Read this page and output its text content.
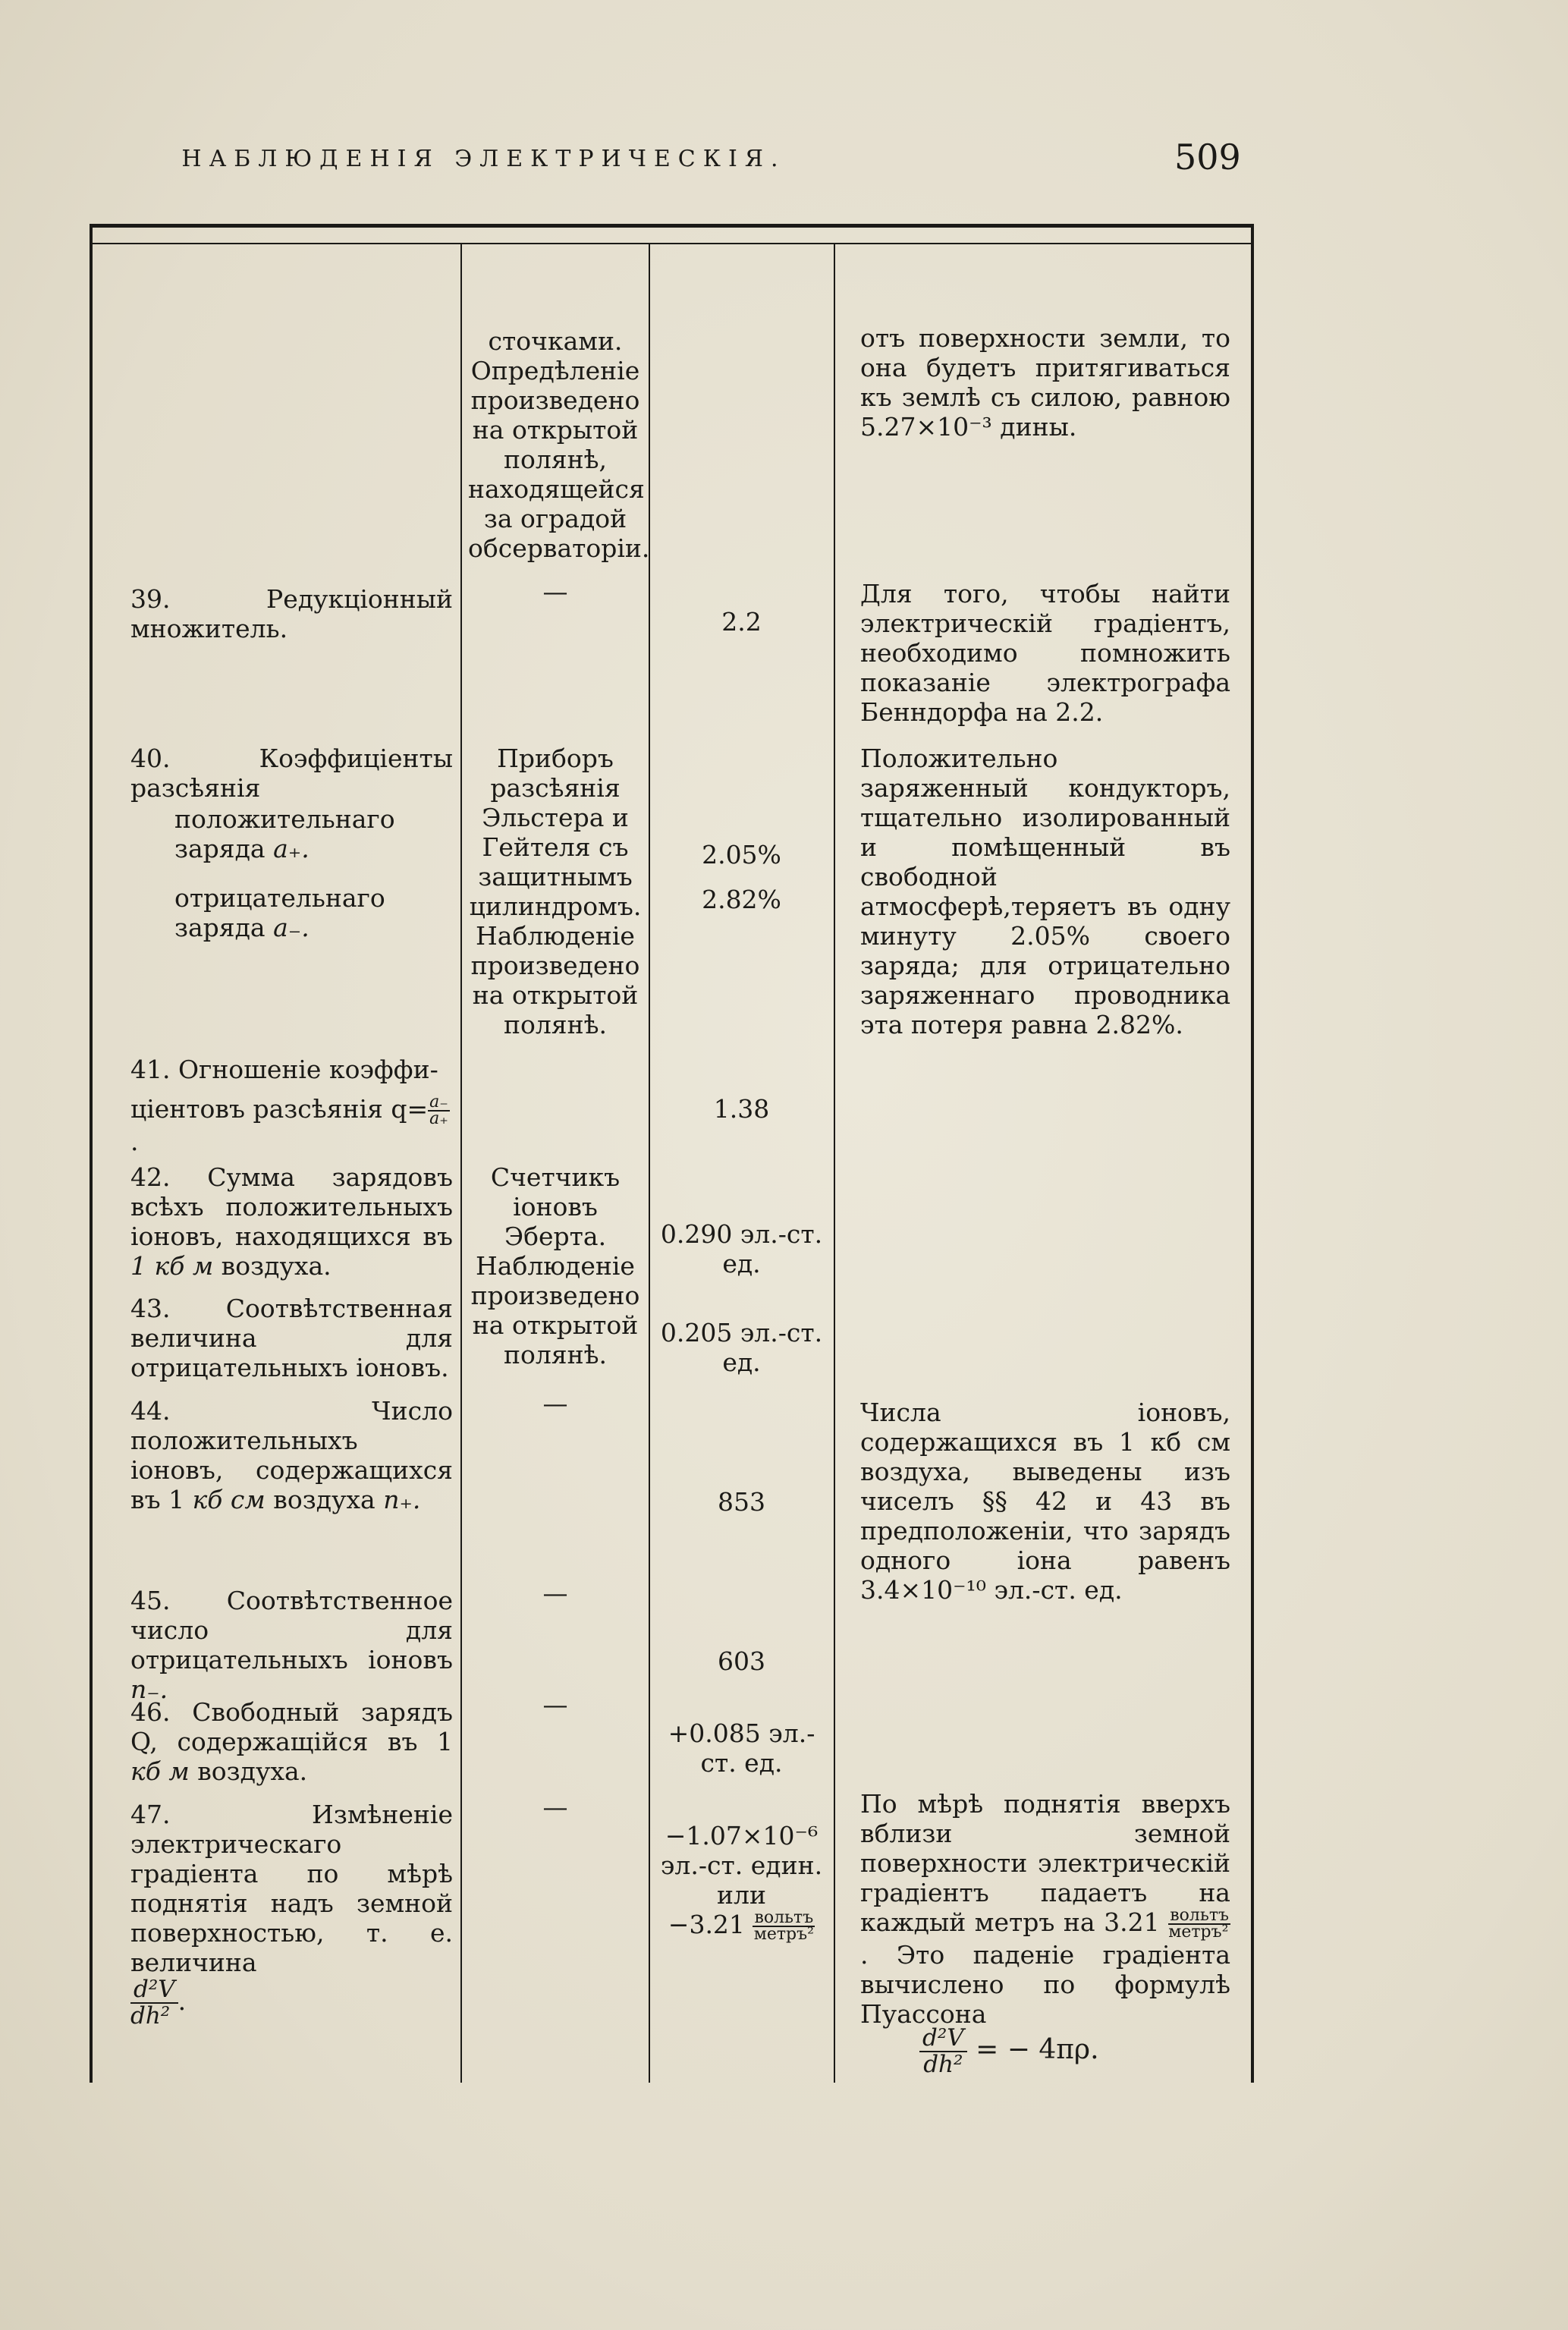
НАБЛЮДЕНІЯ ЭЛЕКТРИЧЕСКІЯ.	509

сточками. Опредѣленіе произведено на открытой полянѣ, находящейся за оградой обсерваторіи.

отъ поверхности земли, то она будетъ притягиваться къ землѣ съ силою, равною 5.27×10⁻³ дины.

39. Редукціонный множитель.

—

2.2

Для того, чтобы найти электрическій градіентъ, необходимо помножить показаніе электрографа Бенндорфа на 2.2.

40. Коэффиціенты разсѣянія

положительнаго заряда a₊.

отрицательнаго заряда a₋.

Приборъ разсѣянія Эльстера и Гейтеля съ защитнымъ цилиндромъ. Наблюденіе произведено на открытой полянѣ.

2.05%

2.82%

Положительно заряженный кондукторъ, тщательно изолированный и помѣщенный въ свободной атмосферѣ,теряетъ въ одну минуту 2.05% своего заряда; для отрицательно заряженнаго проводника эта потеря равна 2.82%.

41. Огношеніе коэффи-

ціентовъ разсѣянія $q= \frac{a_-}{a_+}$
.

1.38

42. Сумма зарядовъ всѣхъ положительныхъ іоновъ, находящихся въ 1 кб м воздуха.

Счетчикъ іоновъ Эберта. Наблюденіе произведено на открытой полянѣ.

0.290 эл.-ст. ед.

43. Соотвѣтственная величина для отрицательныхъ іоновъ.

0.205 эл.-ст. ед.

44. Число положительныхъ іоновъ, содержащихся въ 1 кб см воздуха n₊.

—

853

Числа іоновъ, содержащихся въ 1 кб см воздуха, выведены изъ чиселъ §§ 42 и 43 въ предположеніи, что зарядъ одного іона равенъ 3.4×10⁻¹⁰ эл.-ст. ед.

45. Соотвѣтственное число для отрицательныхъ іоновъ n₋.

—

603

46. Свободный зарядъ Q, содержащійся въ 1 кб м воздуха.

—

+0.085 эл.-ст. ед.

47. Измѣненіе электрическаго градіента по мѣрѣ поднятія надъ земной поверхностью, т. е. величина

$\frac{\text{d²V}}{\text{dh²}}$.

—

−1.07×10⁻⁶
эл.-ст. един.
или
$-3.21 \frac{\text{вольтъ}}{\text{метръ²}}$

По мѣрѣ поднятія вверхъ вблизи земной поверхности электрическій градіентъ падаетъ на каждый метръ на $3.21 \frac{\text{вольтъ}}{\text{метръ²}}$
. Это паденіе градіента вычислено по формулѣ Пуассона

$\frac{\text{d²V}}{\text{dh²}}$ = − 4πρ.
